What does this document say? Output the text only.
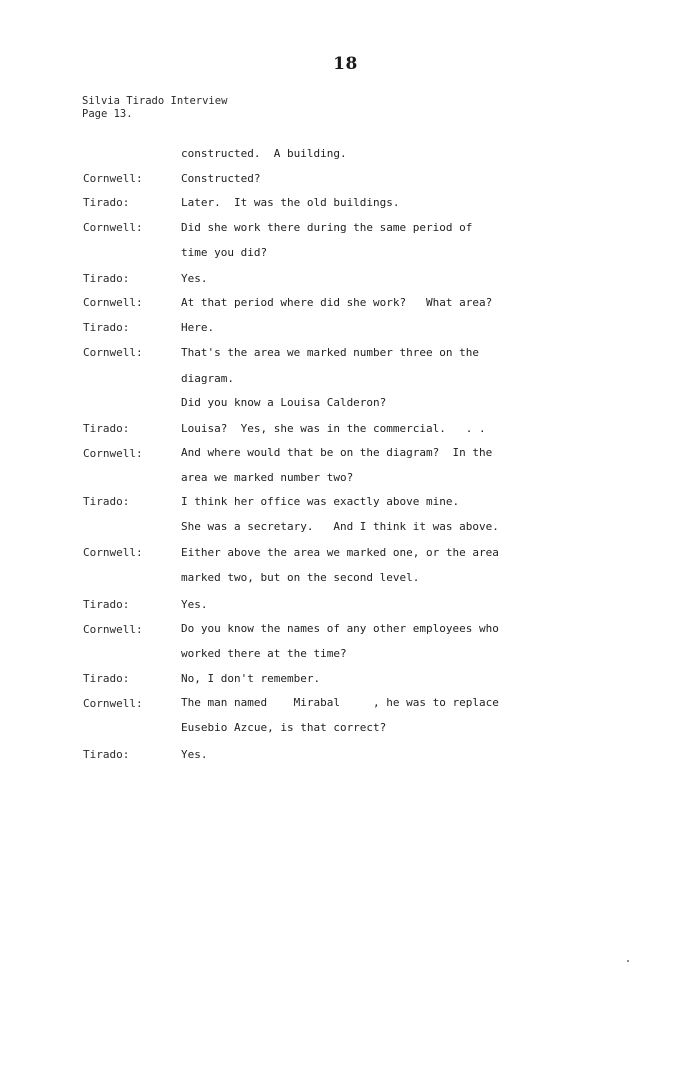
18
Silvia Tirado Interview
Page 13.
constructed.  A building.
Cornwell:	Constructed?
Tirado:	Later.  It was the old buildings.
Cornwell:	Did she work there during the same period of
time you did?
Tirado:	Yes.
Cornwell:	At that period where did she work?   What area?
Tirado:	Here.
Cornwell:	That's the area we marked number three on the
diagram.
Did you know a Louisa Calderon?
Tirado:	Louisa?  Yes, she was in the commercial.   . .
Cornwell:	And where would that be on the diagram?  In the
area we marked number two?
Tirado:	I think her office was exactly above mine.
She was a secretary.   And I think it was above.
Cornwell:	Either above the area we marked one, or the area
marked two, but on the second level.
Tirado:	Yes.
Cornwell:	Do you know the names of any other employees who
worked there at the time?
Tirado:	No, I don't remember.
Cornwell:	The man named    Mirabal     , he was to replace
Eusebio Azcue, is that correct?
Tirado:	Yes.
